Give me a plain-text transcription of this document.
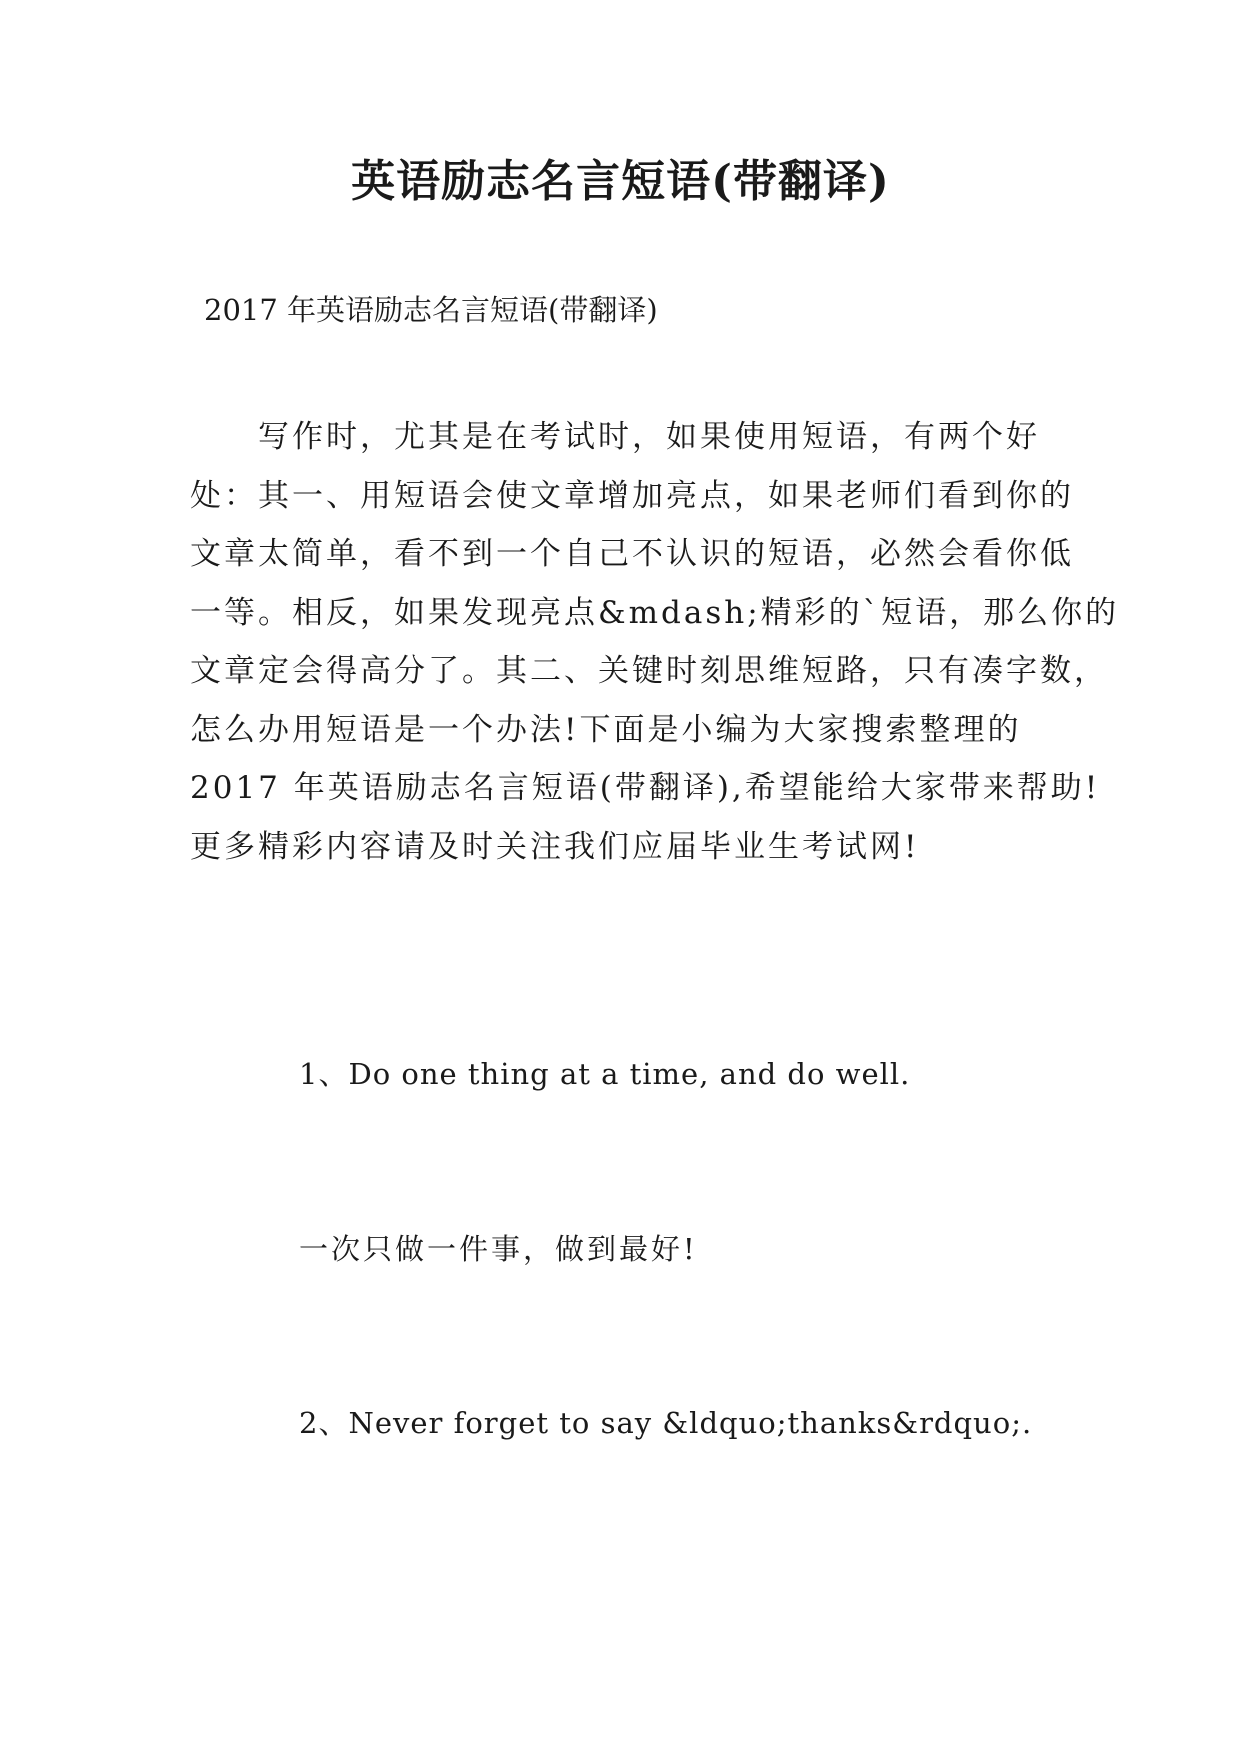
英语励志名言短语(带翻译)
2017 年英语励志名言短语(带翻译)
　　写作时，尤其是在考试时，如果使用短语，有两个好
处：其一、用短语会使文章增加亮点，如果老师们看到你的
文章太简单，看不到一个自己不认识的短语，必然会看你低
一等。相反，如果发现亮点&mdash;精彩的`短语，那么你的
文章定会得高分了。其二、关键时刻思维短路，只有凑字数，
怎么办用短语是一个办法!下面是小编为大家搜索整理的
2017 年英语励志名言短语(带翻译),希望能给大家带来帮助!
更多精彩内容请及时关注我们应届毕业生考试网!
1、Do one thing at a time, and do well.
一次只做一件事，做到最好!
2、Never forget to say &ldquo;thanks&rdquo;.
